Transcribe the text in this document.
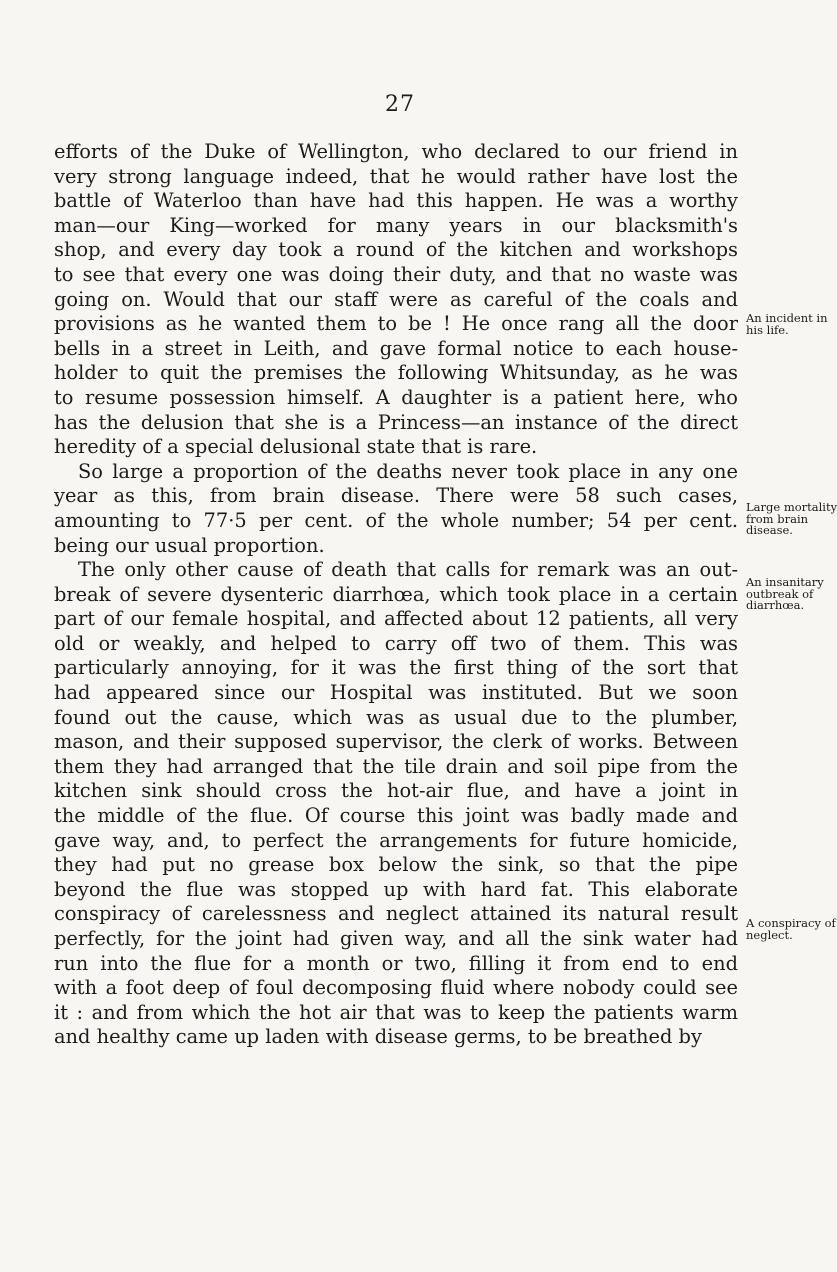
27
efforts of the Duke of Wellington, who declared to our friend in
very strong language indeed, that he would rather have lost the
battle of Waterloo than have had this happen. He was a worthy
man—our King—worked for many years in our blacksmith's
shop, and every day took a round of the kitchen and workshops
to see that every one was doing their duty, and that no waste was
going on. Would that our staff were as careful of the coals and
provisions as he wanted them to be ! He once rang all the door
bells in a street in Leith, and gave formal notice to each house-
holder to quit the premises the following Whitsunday, as he was
to resume possession himself. A daughter is a patient here, who
has the delusion that she is a Princess—an instance of the direct
heredity of a special delusional state that is rare.
So large a proportion of the deaths never took place in any one
year as this, from brain disease. There were 58 such cases,
amounting to 77·5 per cent. of the whole number; 54 per cent.
being our usual proportion.
The only other cause of death that calls for remark was an out-
break of severe dysenteric diarrhœa, which took place in a certain
part of our female hospital, and affected about 12 patients, all very
old or weakly, and helped to carry off two of them. This was
particularly annoying, for it was the first thing of the sort that
had appeared since our Hospital was instituted. But we soon
found out the cause, which was as usual due to the plumber,
mason, and their supposed supervisor, the clerk of works. Between
them they had arranged that the tile drain and soil pipe from the
kitchen sink should cross the hot-air flue, and have a joint in
the middle of the flue. Of course this joint was badly made and
gave way, and, to perfect the arrangements for future homicide,
they had put no grease box below the sink, so that the pipe
beyond the flue was stopped up with hard fat. This elaborate
conspiracy of carelessness and neglect attained its natural result
perfectly, for the joint had given way, and all the sink water had
run into the flue for a month or two, filling it from end to end
with a foot deep of foul decomposing fluid where nobody could see
it : and from which the hot air that was to keep the patients warm
and healthy came up laden with disease germs, to be breathed by
An incident in
his life.
Large mortality
from brain
disease.
An insanitary
outbreak of
diarrhœa.
A conspiracy of
neglect.
